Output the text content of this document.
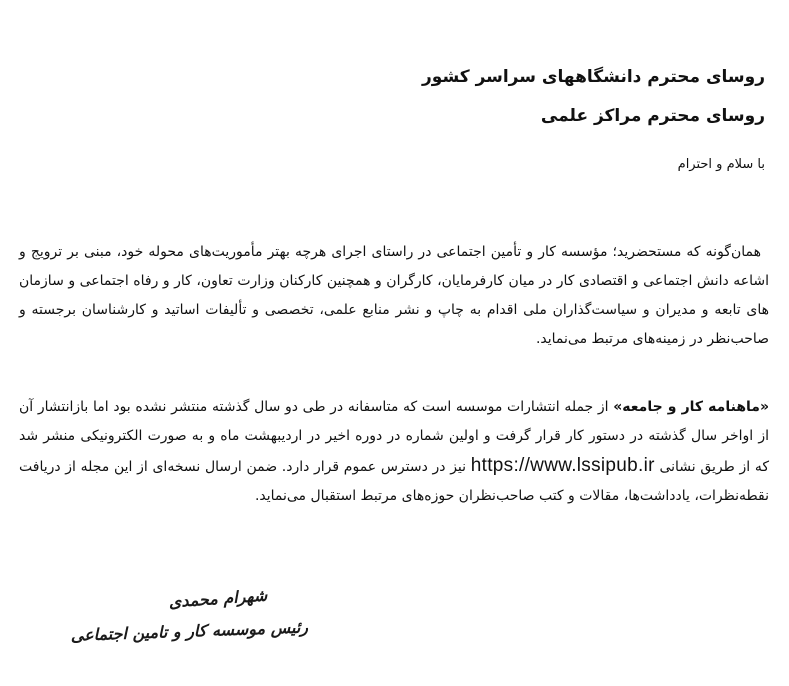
روسای محترم دانشگاههای سراسر کشور
روسای محترم مراکز علمی
با سلام و احترام

همان‌گونه که مستحضرید؛ مؤسسه کار و تأمین اجتماعی در راستای اجرای هرچه بهتر مأموریت‌های محوله خود، مبنی بر ترویج و اشاعه دانش اجتماعی و اقتصادی کار در میان کارفرمایان، کارگران و همچنین کارکنان وزارت تعاون، کار و رفاه اجتماعی و سازمان های تابعه و مدیران و سیاست‌گذاران ملی اقدام به چاپ و نشر منابع علمی، تخصصی و تألیفات اساتید و کارشناسان برجسته و صاحب‌نظر در زمینه‌های مرتبط می‌نماید.

«ماهنامه کار و جامعه» از جمله انتشارات موسسه است که متاسفانه در طی دو سال گذشته منتشر نشده بود اما بازانتشار آن از اواخر سال گذشته در دستور کار قرار گرفت و اولین شماره در دوره اخیر در اردیبهشت ماه و به صورت الکترونیکی منشر شد که از طریق نشانی https://www.lssipub.ir نیز در دسترس عموم قرار دارد. ضمن ارسال نسخه‌ای از این مجله از دریافت نقطه‌نظرات، یادداشت‌ها، مقالات و کتب صاحب‌نظران حوزه‌های مرتبط استقبال می‌نماید.

شهرام محمدی
رئیس موسسه کار و تامین اجتماعی
